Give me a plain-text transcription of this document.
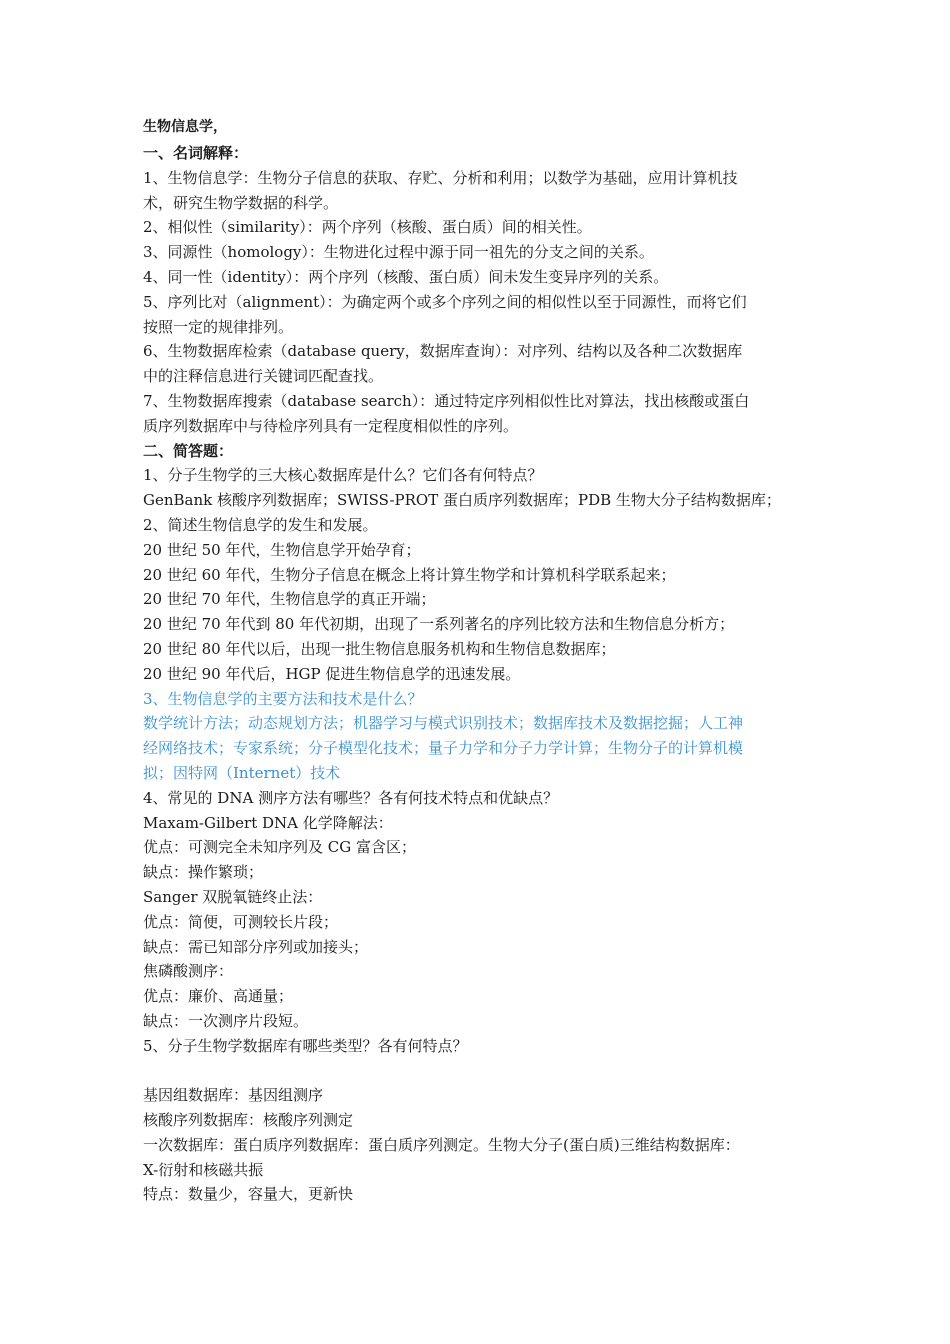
生物信息学，
一、名词解释：
1、生物信息学：生物分子信息的获取、存贮、分析和利用；以数学为基础，应用计算机技
术，研究生物学数据的科学。
2、相似性（similarity）：两个序列（核酸、蛋白质）间的相关性。
3、同源性（homology）：生物进化过程中源于同一祖先的分支之间的关系。
4、同一性（identity）：两个序列（核酸、蛋白质）间未发生变异序列的关系。
5、序列比对（alignment）：为确定两个或多个序列之间的相似性以至于同源性，而将它们
按照一定的规律排列。
6、生物数据库检索（database query，数据库查询）：对序列、结构以及各种二次数据库
中的注释信息进行关键词匹配查找。
7、生物数据库搜索（database search）：通过特定序列相似性比对算法，找出核酸或蛋白
质序列数据库中与待检序列具有一定程度相似性的序列。
二、简答题：
1、分子生物学的三大核心数据库是什么？它们各有何特点？
GenBank 核酸序列数据库；SWISS-PROT 蛋白质序列数据库；PDB 生物大分子结构数据库；
2、简述生物信息学的发生和发展。
20 世纪 50 年代，生物信息学开始孕育；
20 世纪 60 年代，生物分子信息在概念上将计算生物学和计算机科学联系起来；
20 世纪 70 年代，生物信息学的真正开端；
20 世纪 70 年代到 80 年代初期，出现了一系列著名的序列比较方法和生物信息分析方；
20 世纪 80 年代以后，出现一批生物信息服务机构和生物信息数据库；
20 世纪 90 年代后，HGP 促进生物信息学的迅速发展。
3、生物信息学的主要方法和技术是什么？
数学统计方法；动态规划方法；机器学习与模式识别技术；数据库技术及数据挖掘；人工神
经网络技术；专家系统；分子模型化技术；量子力学和分子力学计算；生物分子的计算机模
拟；因特网（Internet）技术
4、常见的 DNA 测序方法有哪些？各有何技术特点和优缺点？
Maxam-Gilbert DNA 化学降解法：
优点：可测完全未知序列及 CG 富含区；
缺点：操作繁琐；
Sanger 双脱氧链终止法：
优点：简便，可测较长片段；
缺点：需已知部分序列或加接头；
焦磷酸测序：
优点：廉价、高通量；
缺点：一次测序片段短。
5、分子生物学数据库有哪些类型？各有何特点？
基因组数据库：基因组测序
核酸序列数据库：核酸序列测定
一次数据库：蛋白质序列数据库：蛋白质序列测定。生物大分子(蛋白质)三维结构数据库：
X-衍射和核磁共振
特点：数量少，容量大，更新快
